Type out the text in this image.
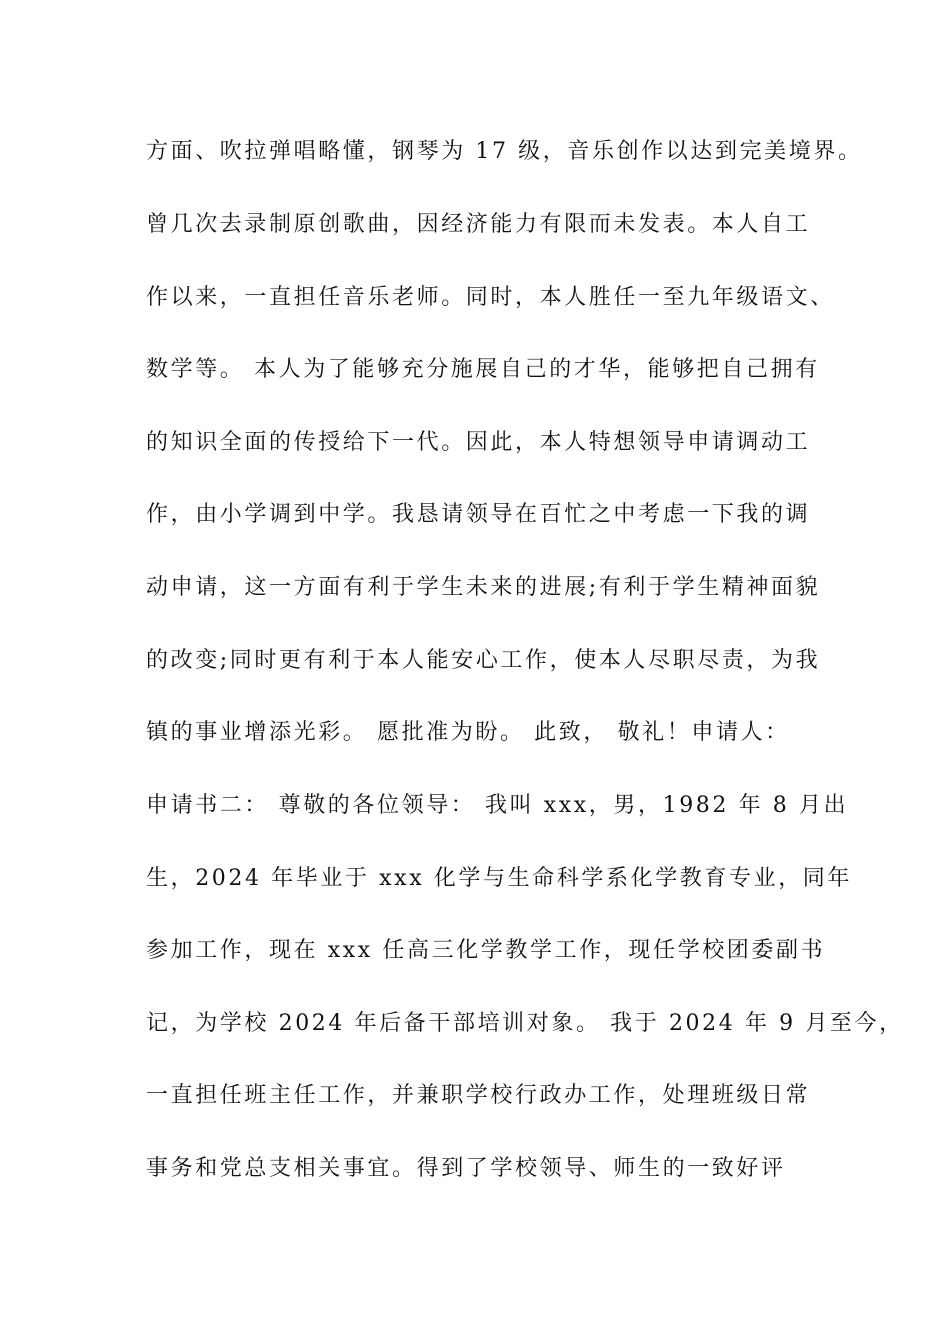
方面、吹拉弹唱略懂，钢琴为 17 级，音乐创作以达到完美境界。

曾几次去录制原创歌曲，因经济能力有限而未发表。本人自工

作以来，一直担任音乐老师。同时，本人胜任一至九年级语文、

数学等。 本人为了能够充分施展自己的才华，能够把自己拥有

的知识全面的传授给下一代。因此，本人特想领导申请调动工

作，由小学调到中学。我恳请领导在百忙之中考虑一下我的调

动申请，这一方面有利于学生未来的进展;有利于学生精神面貌

的改变;同时更有利于本人能安心工作，使本人尽职尽责，为我

镇的事业增添光彩。 愿批准为盼。 此致， 敬礼！申请人：

申请书二： 尊敬的各位领导： 我叫 xxx，男，1982 年 8 月出

生，2024 年毕业于 xxx 化学与生命科学系化学教育专业，同年

参加工作，现在 xxx 任高三化学教学工作，现任学校团委副书

记，为学校 2024 年后备干部培训对象。 我于 2024 年 9 月至今，

一直担任班主任工作，并兼职学校行政办工作，处理班级日常

事务和党总支相关事宜。得到了学校领导、师生的一致好评
